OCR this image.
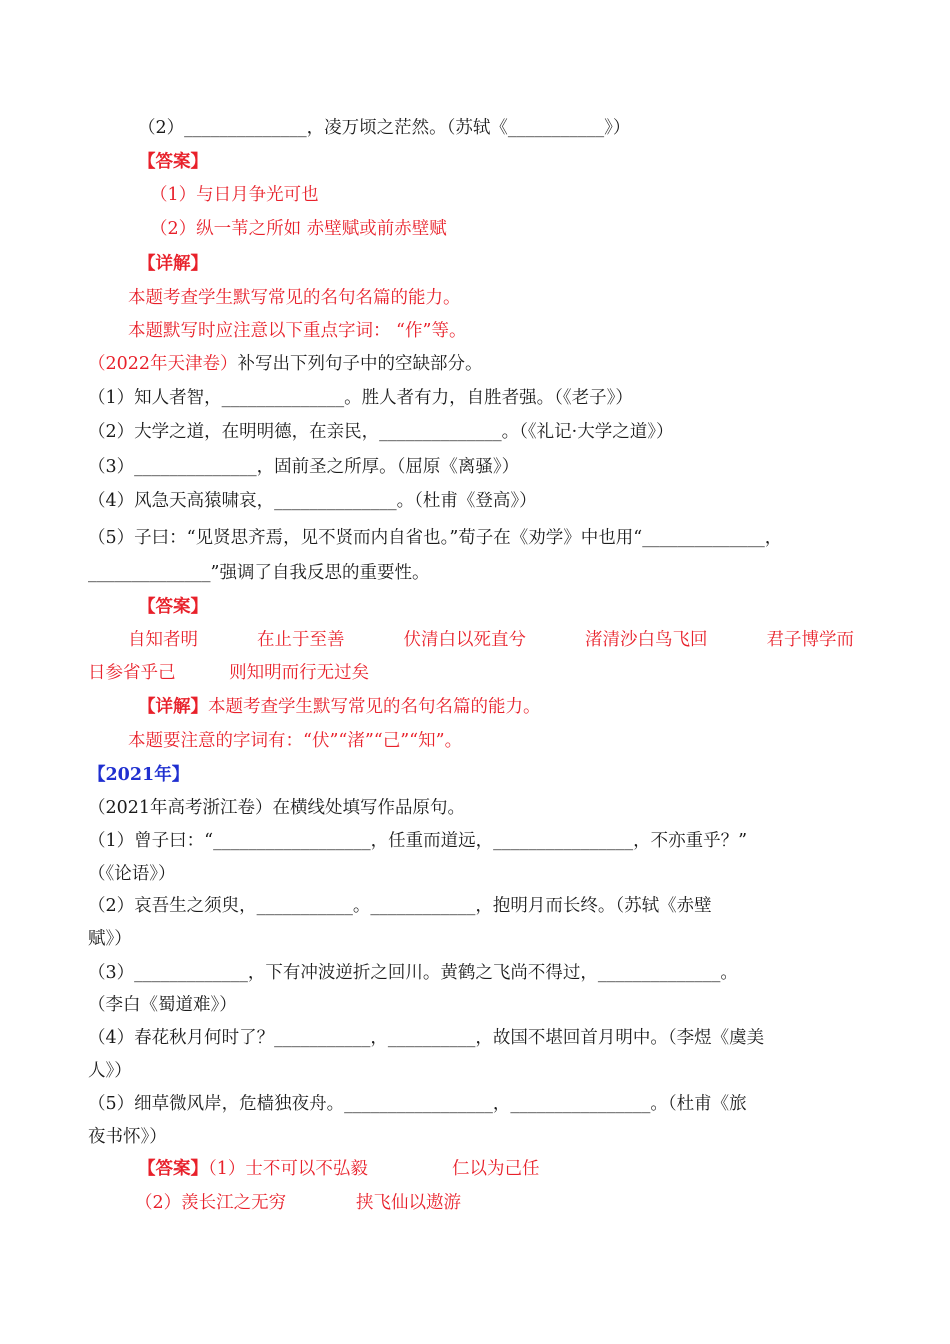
（2）______________，凌万顷之茫然。（苏轼《___________》）
【答案】
（1）与日月争光可也
（2）纵一苇之所如 赤壁赋或前赤壁赋
【详解】
本题考查学生默写常见的名句名篇的能力。
本题默写时应注意以下重点字词： “作”等。
（2022年天津卷）补写出下列句子中的空缺部分。
（1）知人者智，______________。胜人者有力，自胜者强。（《老子》）
（2）大学之道，在明明德，在亲民，______________。（《礼记·大学之道》）
（3）______________，固前圣之所厚。（屈原《离骚》）
（4）风急天高猿啸哀，______________。（杜甫《登高》）
（5）子曰：“见贤思齐焉，见不贤而内自省也。”荀子在《劝学》中也用“______________，
______________”强调了自我反思的重要性。
【答案】
自知者明	在止于至善	伏清白以死直兮	渚清沙白鸟飞回	君子博学而
日参省乎己	则知明而行无过矣
【详解】本题考查学生默写常见的名句名篇的能力。
本题要注意的字词有：“伏”“渚”“己”“知”。
【2021年】
（2021年高考浙江卷）在横线处填写作品原句。
（1）曾子曰：“__________________，任重而道远，________________，不亦重乎？”
（《论语》）
（2）哀吾生之须臾，___________。____________，抱明月而长终。（苏轼《赤壁
赋》）
（3）_____________，下有冲波逆折之回川。黄鹤之飞尚不得过，______________。
（李白《蜀道难》）
（4）春花秋月何时了？___________，__________，故国不堪回首月明中。（李煜《虞美
人》）
（5）细草微风岸，危樯独夜舟。_________________，________________。（杜甫《旅
夜书怀》）
【答案】（1）士不可以不弘毅	仁以为己任
（2）羡长江之无穷	挟飞仙以遨游
